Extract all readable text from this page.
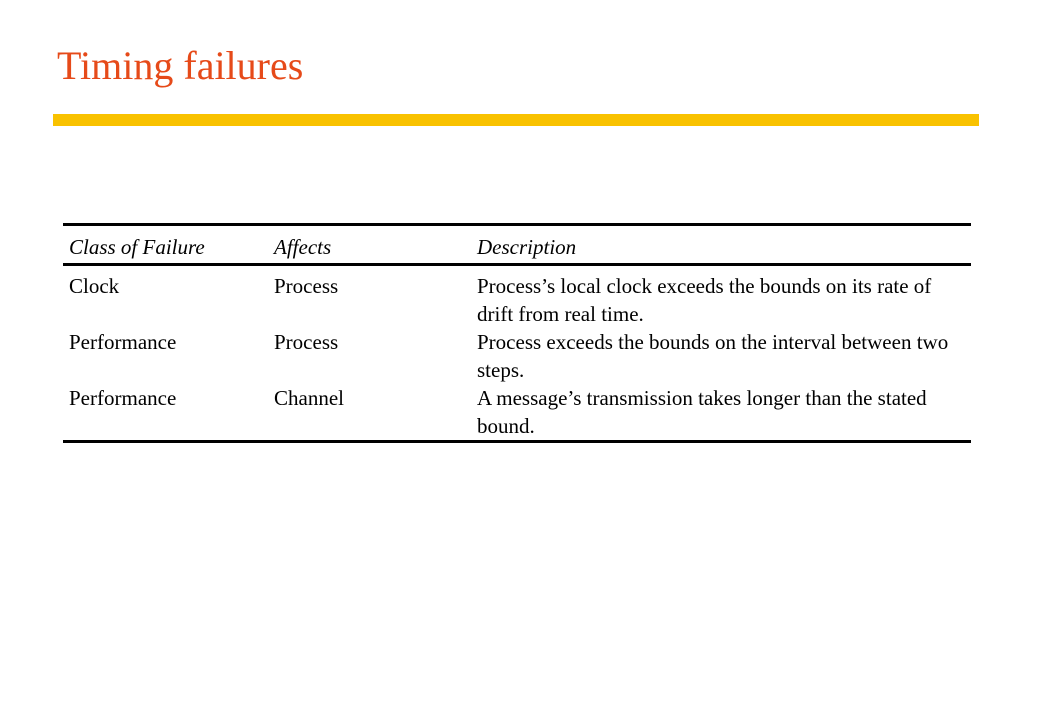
Timing failures
Class of Failure	Affects	Description

Clock	Process	Process’s local clock exceeds the bounds on its rate of drift from real time.

Performance	Process	Process exceeds the bounds on the interval between two steps.

Performance	Channel	A message’s transmission takes longer than the stated bound.
